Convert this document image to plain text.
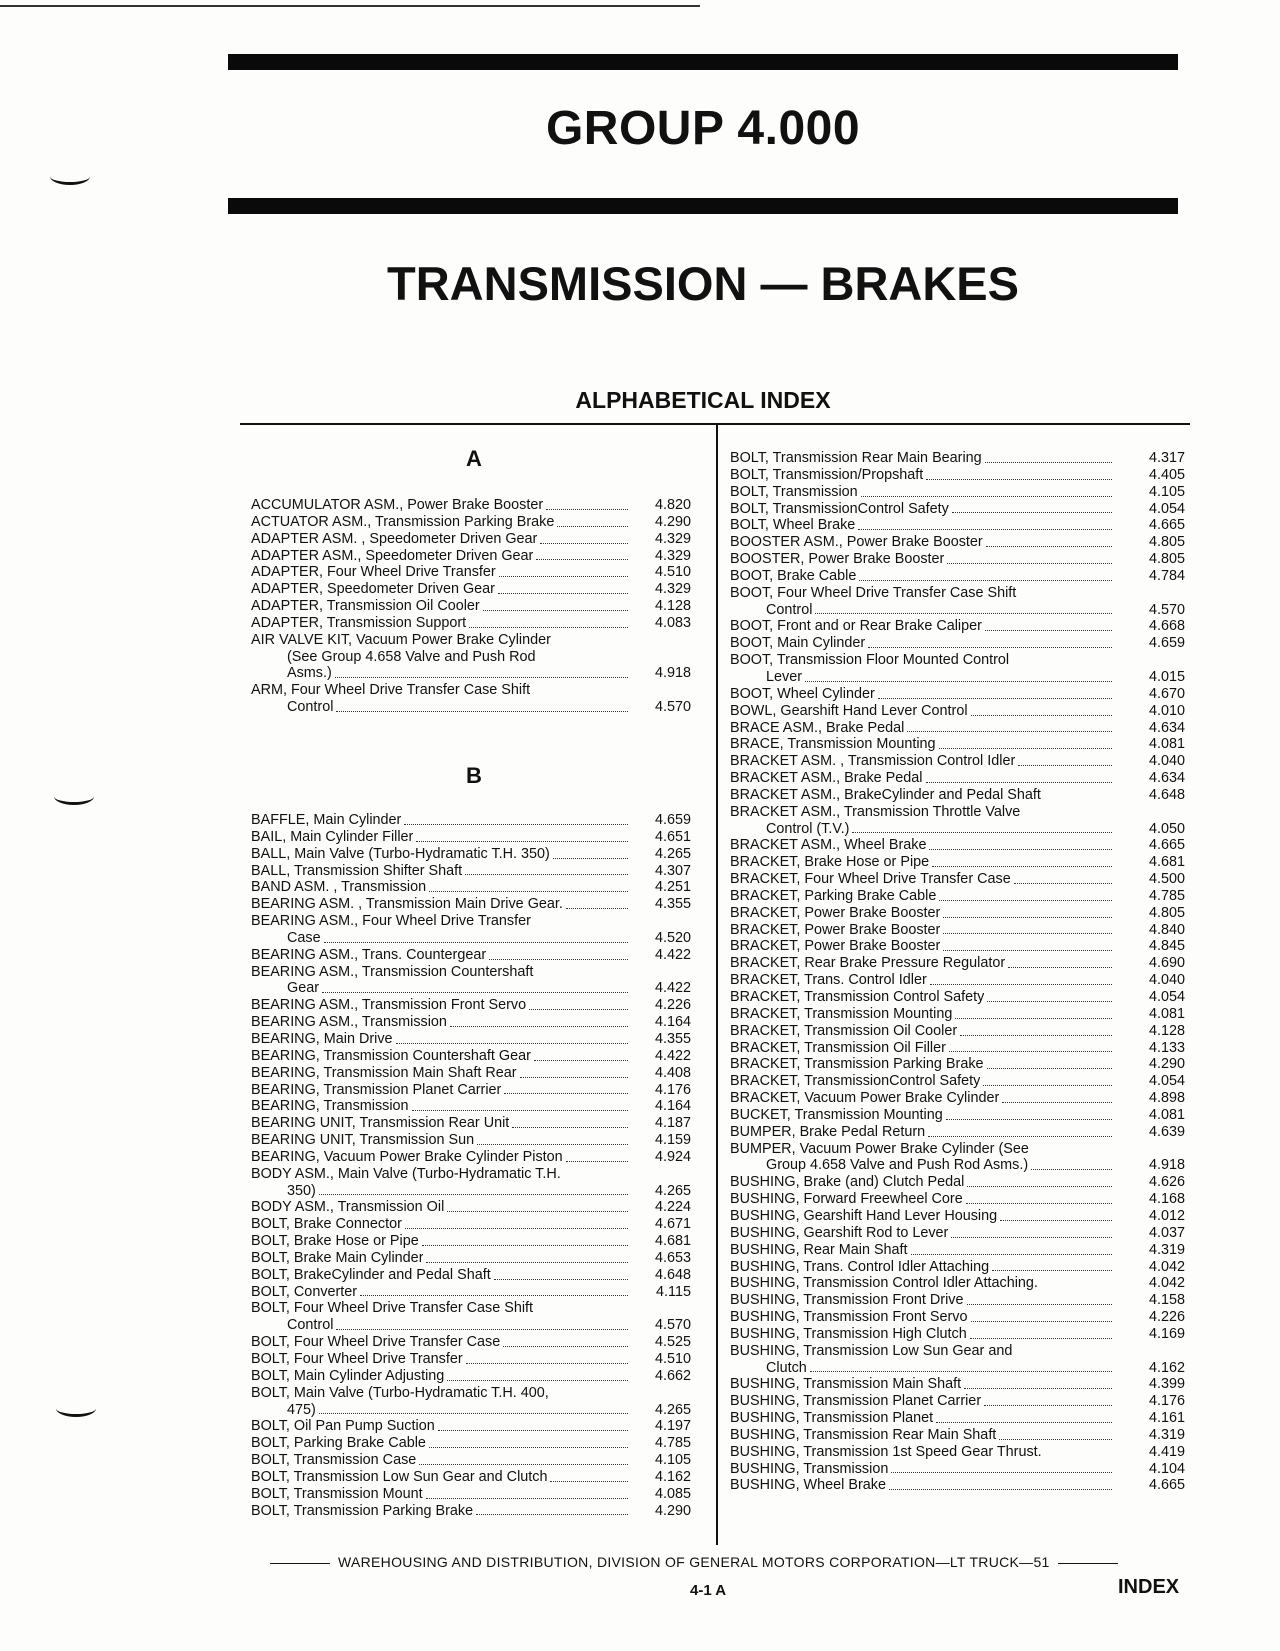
GROUP 4.000
TRANSMISSION — BRAKES
ALPHABETICAL INDEX
A
B
ACCUMULATOR ASM., Power Brake Booster	4.820
ACTUATOR ASM., Transmission Parking Brake	4.290
ADAPTER ASM. , Speedometer Driven Gear	4.329
ADAPTER ASM., Speedometer Driven Gear	4.329
ADAPTER, Four Wheel Drive Transfer	4.510
ADAPTER, Speedometer Driven Gear	4.329
ADAPTER, Transmission Oil Cooler	4.128
ADAPTER, Transmission Support	4.083
AIR VALVE KIT, Vacuum Power Brake Cylinder
(See Group 4.658 Valve and Push Rod
Asms.)	4.918
ARM, Four Wheel Drive Transfer Case Shift
Control	4.570
BAFFLE, Main Cylinder	4.659
BAIL, Main Cylinder Filler	4.651
BALL, Main Valve (Turbo-Hydramatic T.H. 350)	4.265
BALL, Transmission Shifter Shaft	4.307
BAND ASM. , Transmission	4.251
BEARING ASM. , Transmission Main Drive Gear.	4.355
BEARING ASM., Four Wheel Drive Transfer
Case	4.520
BEARING ASM., Trans. Countergear	4.422
BEARING ASM., Transmission Countershaft
Gear	4.422
BEARING ASM., Transmission Front Servo	4.226
BEARING ASM., Transmission	4.164
BEARING, Main Drive	4.355
BEARING, Transmission Countershaft Gear	4.422
BEARING, Transmission Main Shaft Rear	4.408
BEARING, Transmission Planet Carrier	4.176
BEARING, Transmission	4.164
BEARING UNIT, Transmission Rear Unit	4.187
BEARING UNIT, Transmission Sun	4.159
BEARING, Vacuum Power Brake Cylinder Piston	4.924
BODY ASM., Main Valve (Turbo-Hydramatic T.H.
350)	4.265
BODY ASM., Transmission Oil	4.224
BOLT, Brake Connector	4.671
BOLT, Brake Hose or Pipe	4.681
BOLT, Brake Main Cylinder	4.653
BOLT, BrakeCylinder and Pedal Shaft	4.648
BOLT, Converter	4.115
BOLT, Four Wheel Drive Transfer Case Shift
Control	4.570
BOLT, Four Wheel Drive Transfer Case	4.525
BOLT, Four Wheel Drive Transfer	4.510
BOLT, Main Cylinder Adjusting	4.662
BOLT, Main Valve (Turbo-Hydramatic T.H. 400,
475)	4.265
BOLT, Oil Pan Pump Suction	4.197
BOLT, Parking Brake Cable	4.785
BOLT, Transmission Case	4.105
BOLT, Transmission Low Sun Gear and Clutch	4.162
BOLT, Transmission Mount	4.085
BOLT, Transmission Parking Brake	4.290
BOLT, Transmission Rear Main Bearing	4.317
BOLT, Transmission/Propshaft	4.405
BOLT, Transmission	4.105
BOLT, TransmissionControl Safety	4.054
BOLT, Wheel Brake	4.665
BOOSTER ASM., Power Brake Booster	4.805
BOOSTER, Power Brake Booster	4.805
BOOT, Brake Cable	4.784
BOOT, Four Wheel Drive Transfer Case Shift
Control	4.570
BOOT, Front and or Rear Brake Caliper	4.668
BOOT, Main Cylinder	4.659
BOOT, Transmission Floor Mounted Control
Lever	4.015
BOOT, Wheel Cylinder	4.670
BOWL, Gearshift Hand Lever Control	4.010
BRACE ASM., Brake Pedal	4.634
BRACE, Transmission Mounting	4.081
BRACKET ASM. , Transmission Control Idler	4.040
BRACKET ASM., Brake Pedal	4.634
BRACKET ASM., BrakeCylinder and Pedal Shaft	4.648
BRACKET ASM., Transmission Throttle Valve
Control (T.V.)	4.050
BRACKET ASM., Wheel Brake	4.665
BRACKET, Brake Hose or Pipe	4.681
BRACKET, Four Wheel Drive Transfer Case	4.500
BRACKET, Parking Brake Cable	4.785
BRACKET, Power Brake Booster	4.805
BRACKET, Power Brake Booster	4.840
BRACKET, Power Brake Booster	4.845
BRACKET, Rear Brake Pressure Regulator	4.690
BRACKET, Trans. Control Idler	4.040
BRACKET, Transmission Control Safety	4.054
BRACKET, Transmission Mounting	4.081
BRACKET, Transmission Oil Cooler	4.128
BRACKET, Transmission Oil Filler	4.133
BRACKET, Transmission Parking Brake	4.290
BRACKET, TransmissionControl Safety	4.054
BRACKET, Vacuum Power Brake Cylinder	4.898
BUCKET, Transmission Mounting	4.081
BUMPER, Brake Pedal Return	4.639
BUMPER, Vacuum Power Brake Cylinder (See
Group 4.658 Valve and Push Rod Asms.)	4.918
BUSHING, Brake (and) Clutch Pedal	4.626
BUSHING, Forward Freewheel Core	4.168
BUSHING, Gearshift Hand Lever Housing	4.012
BUSHING, Gearshift Rod to Lever	4.037
BUSHING, Rear Main Shaft	4.319
BUSHING, Trans. Control Idler Attaching	4.042
BUSHING, Transmission Control Idler Attaching.	4.042
BUSHING, Transmission Front Drive	4.158
BUSHING, Transmission Front Servo	4.226
BUSHING, Transmission High Clutch	4.169
BUSHING, Transmission Low Sun Gear and
Clutch	4.162
BUSHING, Transmission Main Shaft	4.399
BUSHING, Transmission Planet Carrier	4.176
BUSHING, Transmission Planet	4.161
BUSHING, Transmission Rear Main Shaft	4.319
BUSHING, Transmission 1st Speed Gear Thrust.	4.419
BUSHING, Transmission	4.104
BUSHING, Wheel Brake	4.665
WAREHOUSING AND DISTRIBUTION, DIVISION OF GENERAL MOTORS CORPORATION—LT TRUCK—51
4-1 A	INDEX
